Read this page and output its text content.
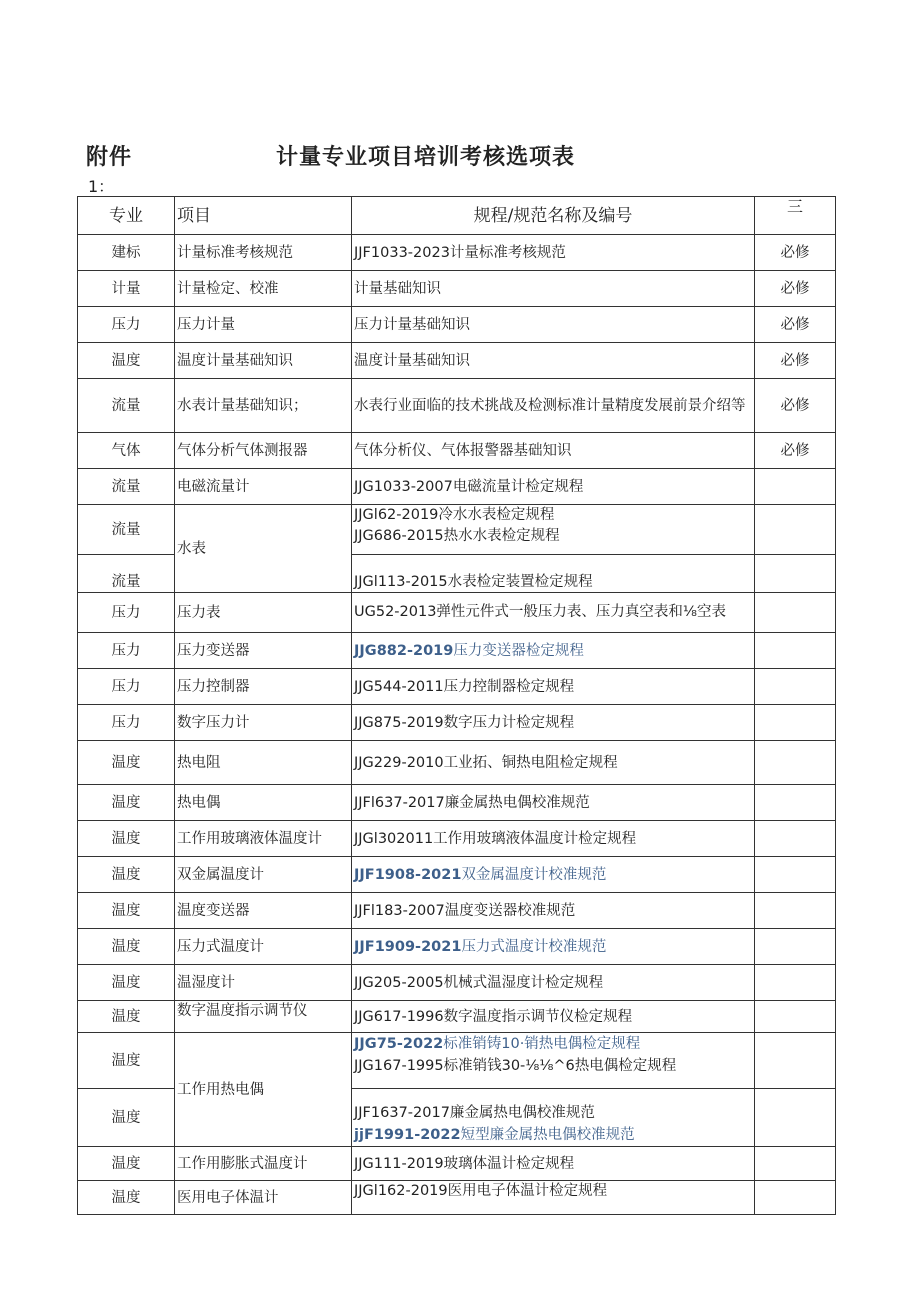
附件
1：
计量专业项目培训考核选项表
专业	项目	规程/规范名称及编号	三
建标	计量标准考核规范	JJF1033-2023计量标准考核规范	必修
计量	计量检定、校准	计量基础知识	必修
压力	压力计量	压力计量基础知识	必修
温度	温度计量基础知识	温度计量基础知识	必修
流量	水表计量基础知识；	水表行业面临的技术挑战及检测标准计量精度发展前景介绍等	必修
气体	气体分析气体测报器	气体分析仪、气体报警器基础知识	必修
流量	电磁流量计	JJG1033-2007电磁流量计检定规程	
流量	水表	JJGl62-2019冷水水表检定规程
JJG686-2015热水水表检定规程	

流量		JJGl113-2015水表检定装置检定规程	
压力	压力表	UG52-2013弹性元件式一般压力表、压力真空表和⅛空表	
压力	压力变送器	JJG882-2019压力变送器检定规程	
压力	压力控制器	JJG544-2011压力控制器检定规程	
压力	数字压力计	JJG875-2019数字压力计检定规程	
温度	热电阻	JJG229-2010工业拓、铜热电阻检定规程	
温度	热电偶	JJFl637-2017廉金属热电偶校准规范	
温度	工作用玻璃液体温度计	JJGl302011工作用玻璃液体温度计检定规程	
温度	双金属温度计	JJF1908-2021双金属温度计校准规范	
温度	温度变送器	JJFl183-2007温度变送器校准规范	
温度	压力式温度计	JJF1909-2021压力式温度计校准规范	
温度	温湿度计	JJG205-2005机械式温湿度计检定规程	
温度	数字温度指示调节仪	JJG617-1996数字温度指示调节仪检定规程	
温度	工作用热电偶	JJG75-2022标准销铸10·销热电偶检定规程
JJG167-1995标准销钱30-⅛⅛^6热电偶检定规程	

温度		JJF1637-2017廉金属热电偶校准规范
jjF1991-2022短型廉金属热电偶校准规范	

温度	工作用膨胀式温度计	JJG111-2019玻璃体温计检定规程	
温度	医用电子体温计	JJGl162-2019医用电子体温计检定规程	
